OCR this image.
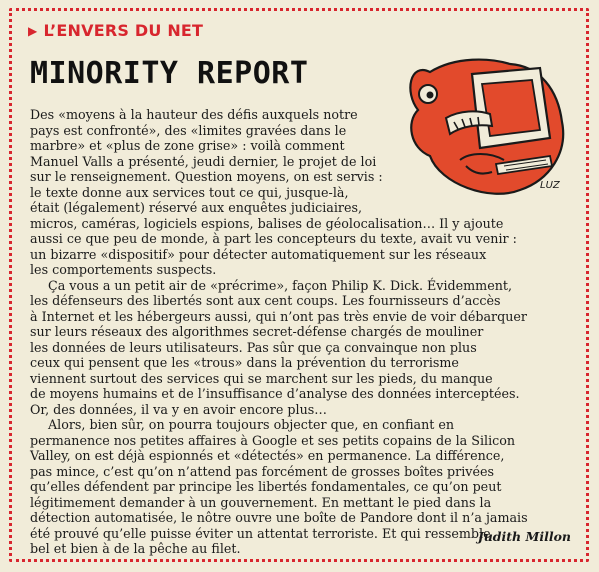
▶ L’ENVERS DU NET
MINORITY REPORT
LUZ
Des «moyens à la hauteur des défis auxquels notre
pays est confronté», des «limites gravées dans le
marbre» et «plus de zone grise» : voilà comment
Manuel Valls a présenté, jeudi dernier, le projet de loi
sur le renseignement. Question moyens, on est servis :
le texte donne aux services tout ce qui, jusque-là,
était (légalement) réservé aux enquêtes judiciaires,
micros, caméras, logiciels espions, balises de géolocalisation… Il y ajoute
aussi ce que peu de monde, à part les concepteurs du texte, avait vu venir :
un bizarre «dispositif» pour détecter automatiquement sur les réseaux
les comportements suspects.
Ça vous a un petit air de «précrime», façon Philip K. Dick. Évidemment,
les défenseurs des libertés sont aux cent coups. Les fournisseurs d’accès
à Internet et les hébergeurs aussi, qui n’ont pas très envie de voir débarquer
sur leurs réseaux des algorithmes secret-défense chargés de mouliner
les données de leurs utilisateurs. Pas sûr que ça convainque non plus
ceux qui pensent que les «trous» dans la prévention du terrorisme
viennent surtout des services qui se marchent sur les pieds, du manque
de moyens humains et de l’insuffisance d’analyse des données interceptées.
Or, des données, il va y en avoir encore plus…
Alors, bien sûr, on pourra toujours objecter que, en confiant en
permanence nos petites affaires à Google et ses petits copains de la Silicon
Valley, on est déjà espionnés et «détectés» en permanence. La différence,
pas mince, c’est qu’on n’attend pas forcément de grosses boîtes privées
qu’elles défendent par principe les libertés fondamentales, ce qu’on peut
légitimement demander à un gouvernement. En mettant le pied dans la
détection automatisée, le nôtre ouvre une boîte de Pandore dont il n’a jamais
été prouvé qu’elle puisse éviter un attentat terroriste. Et qui ressemble
bel et bien à de la pêche au filet.
Judith Millon
